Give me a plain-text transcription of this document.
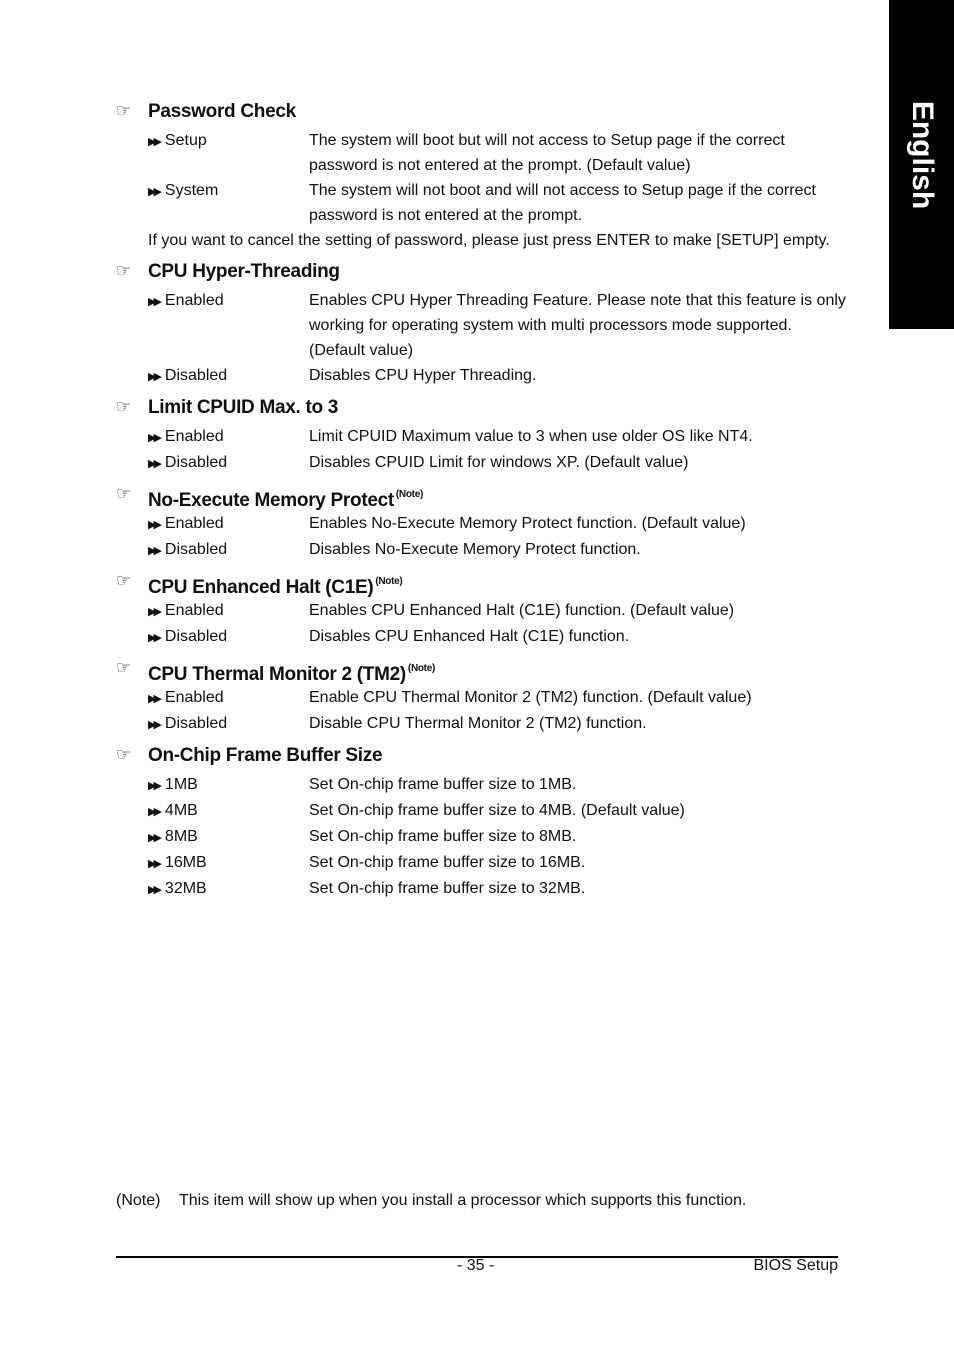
English
☞ Password Check
▶▶ Setup	The system will boot but will not access to Setup page if the correct password is not entered at the prompt. (Default value)
▶▶ System	The system will not boot and will not access to Setup page if the correct password is not entered at the prompt.
If you want to cancel the setting of password, please just press ENTER to make [SETUP] empty.
☞ CPU Hyper-Threading
▶▶ Enabled	Enables CPU Hyper Threading Feature. Please note that this feature is only working for operating system with multi processors mode supported. (Default value)
▶▶ Disabled	Disables CPU Hyper Threading.
☞ Limit CPUID Max. to 3
▶▶ Enabled	Limit CPUID Maximum value to 3 when use older OS like NT4.
▶▶ Disabled	Disables CPUID Limit for windows XP. (Default value)
☞ No-Execute Memory Protect $^{(Note)}$
▶▶ Enabled	Enables No-Execute Memory Protect function. (Default value)
▶▶ Disabled	Disables No-Execute Memory Protect function.
☞ CPU Enhanced Halt (C1E) $^{(Note)}$
▶▶ Enabled	Enables CPU Enhanced Halt (C1E) function. (Default value)
▶▶ Disabled	Disables CPU Enhanced Halt (C1E) function.
☞ CPU Thermal Monitor 2 (TM2) $^{(Note)}$
▶▶ Enabled	Enable CPU Thermal Monitor 2 (TM2) function. (Default value)
▶▶ Disabled	Disable CPU Thermal Monitor 2 (TM2) function.
☞ On-Chip Frame Buffer Size
▶▶ 1MB	Set On-chip frame buffer size to 1MB.
▶▶ 4MB	Set On-chip frame buffer size to 4MB. (Default value)
▶▶ 8MB	Set On-chip frame buffer size to 8MB.
▶▶ 16MB	Set On-chip frame buffer size to 16MB.
▶▶ 32MB	Set On-chip frame buffer size to 32MB.
(Note) This item will show up when you install a processor which supports this function.
- 35 -	BIOS Setup
